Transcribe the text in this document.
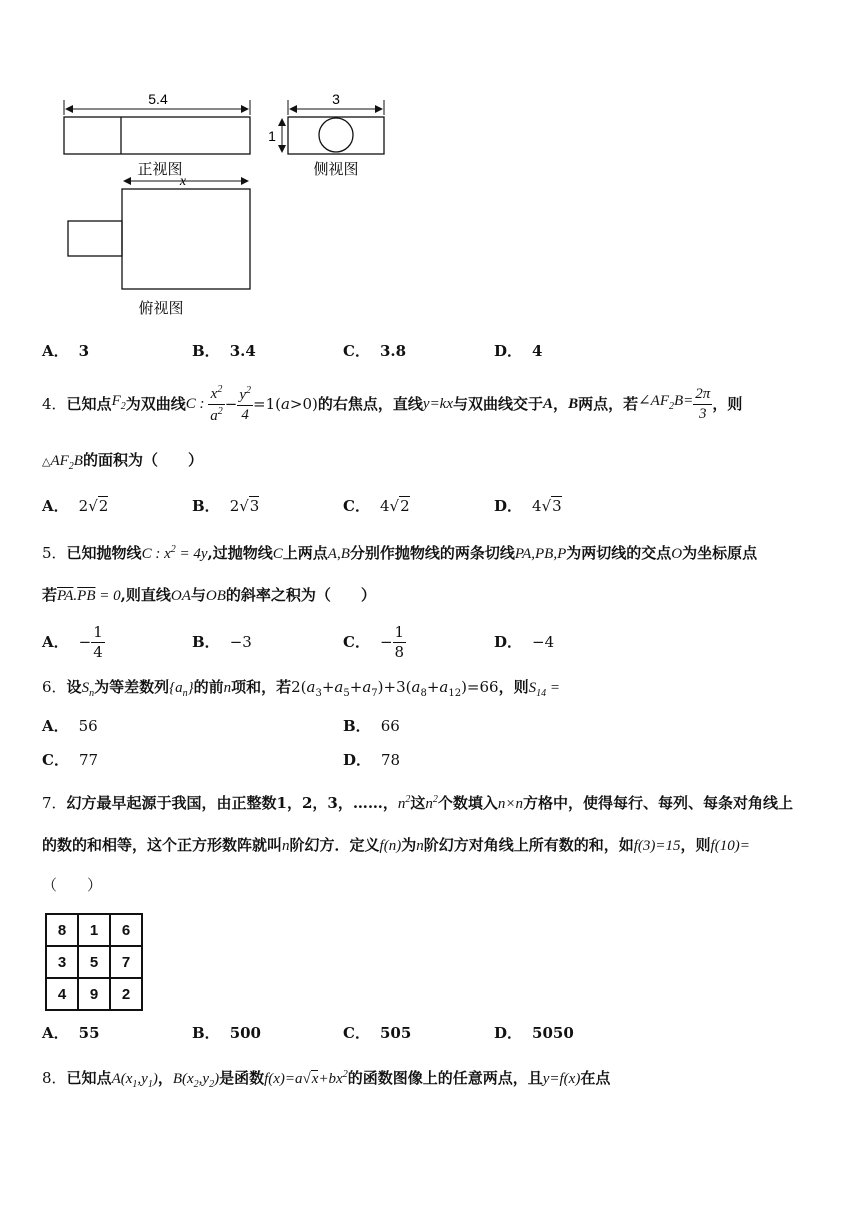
5.4
正视图
3
1
侧视图
x
俯视图
A． 3	B． 3.4	C． 3.8	D． 4
4． 已知点 $F_2$ 为双曲线 C : $\frac{x^2}{a^2} - \frac{y^2}{4} =1(a>0)$ 的右焦点，直线 y=kx 与双曲线交于 A ， B 两点，若 $\angle AF_2B= \frac{2\pi}{3}$ ，则
$\triangle AF_2B$的面积为（　　）
A． 2√2	B． 2√3	C． 4√2	D． 4√3
5．已知抛物线C : $x^2 = 4y$,过抛物线C上两点A,B分别作抛物线的两条切线PA,PB,P为两切线的交点O为坐标原点
若$\overline{PA}.\overline{PB} = 0$,则直线OA与OB的斜率之积为（　　）
A． − $\frac{1}{4}$	B． −3	C． − $\frac{1}{8}$	D． −4
6．设$S_n$为等差数列$\{a_n\}$的前n项和，若$2(a_3+a_5+a_7)+3(a_8+a_{12})=66$，则$S_{14}$ =
A． 56	B． 66
C． 77	D． 78
7．幻方最早起源于我国，由正整数1，2，3，……，$n^2$这$n^2$个数填入n×n方格中，使得每行、每列、每条对角线上
的数的和相等，这个正方形数阵就叫n阶幻方．定义f(n)为n阶幻方对角线上所有数的和，如f(3)=15，则f(10)=
（　　）
8	1	6
3	5	7
4	9	2
A． 55	B． 500	C． 505	D． 5050
8．已知点$A(x_1,y_1)$，$B(x_2,y_2)$是函数$f(x)=a√x+bx^2$的函数图像上的任意两点，且y=f(x)在点
